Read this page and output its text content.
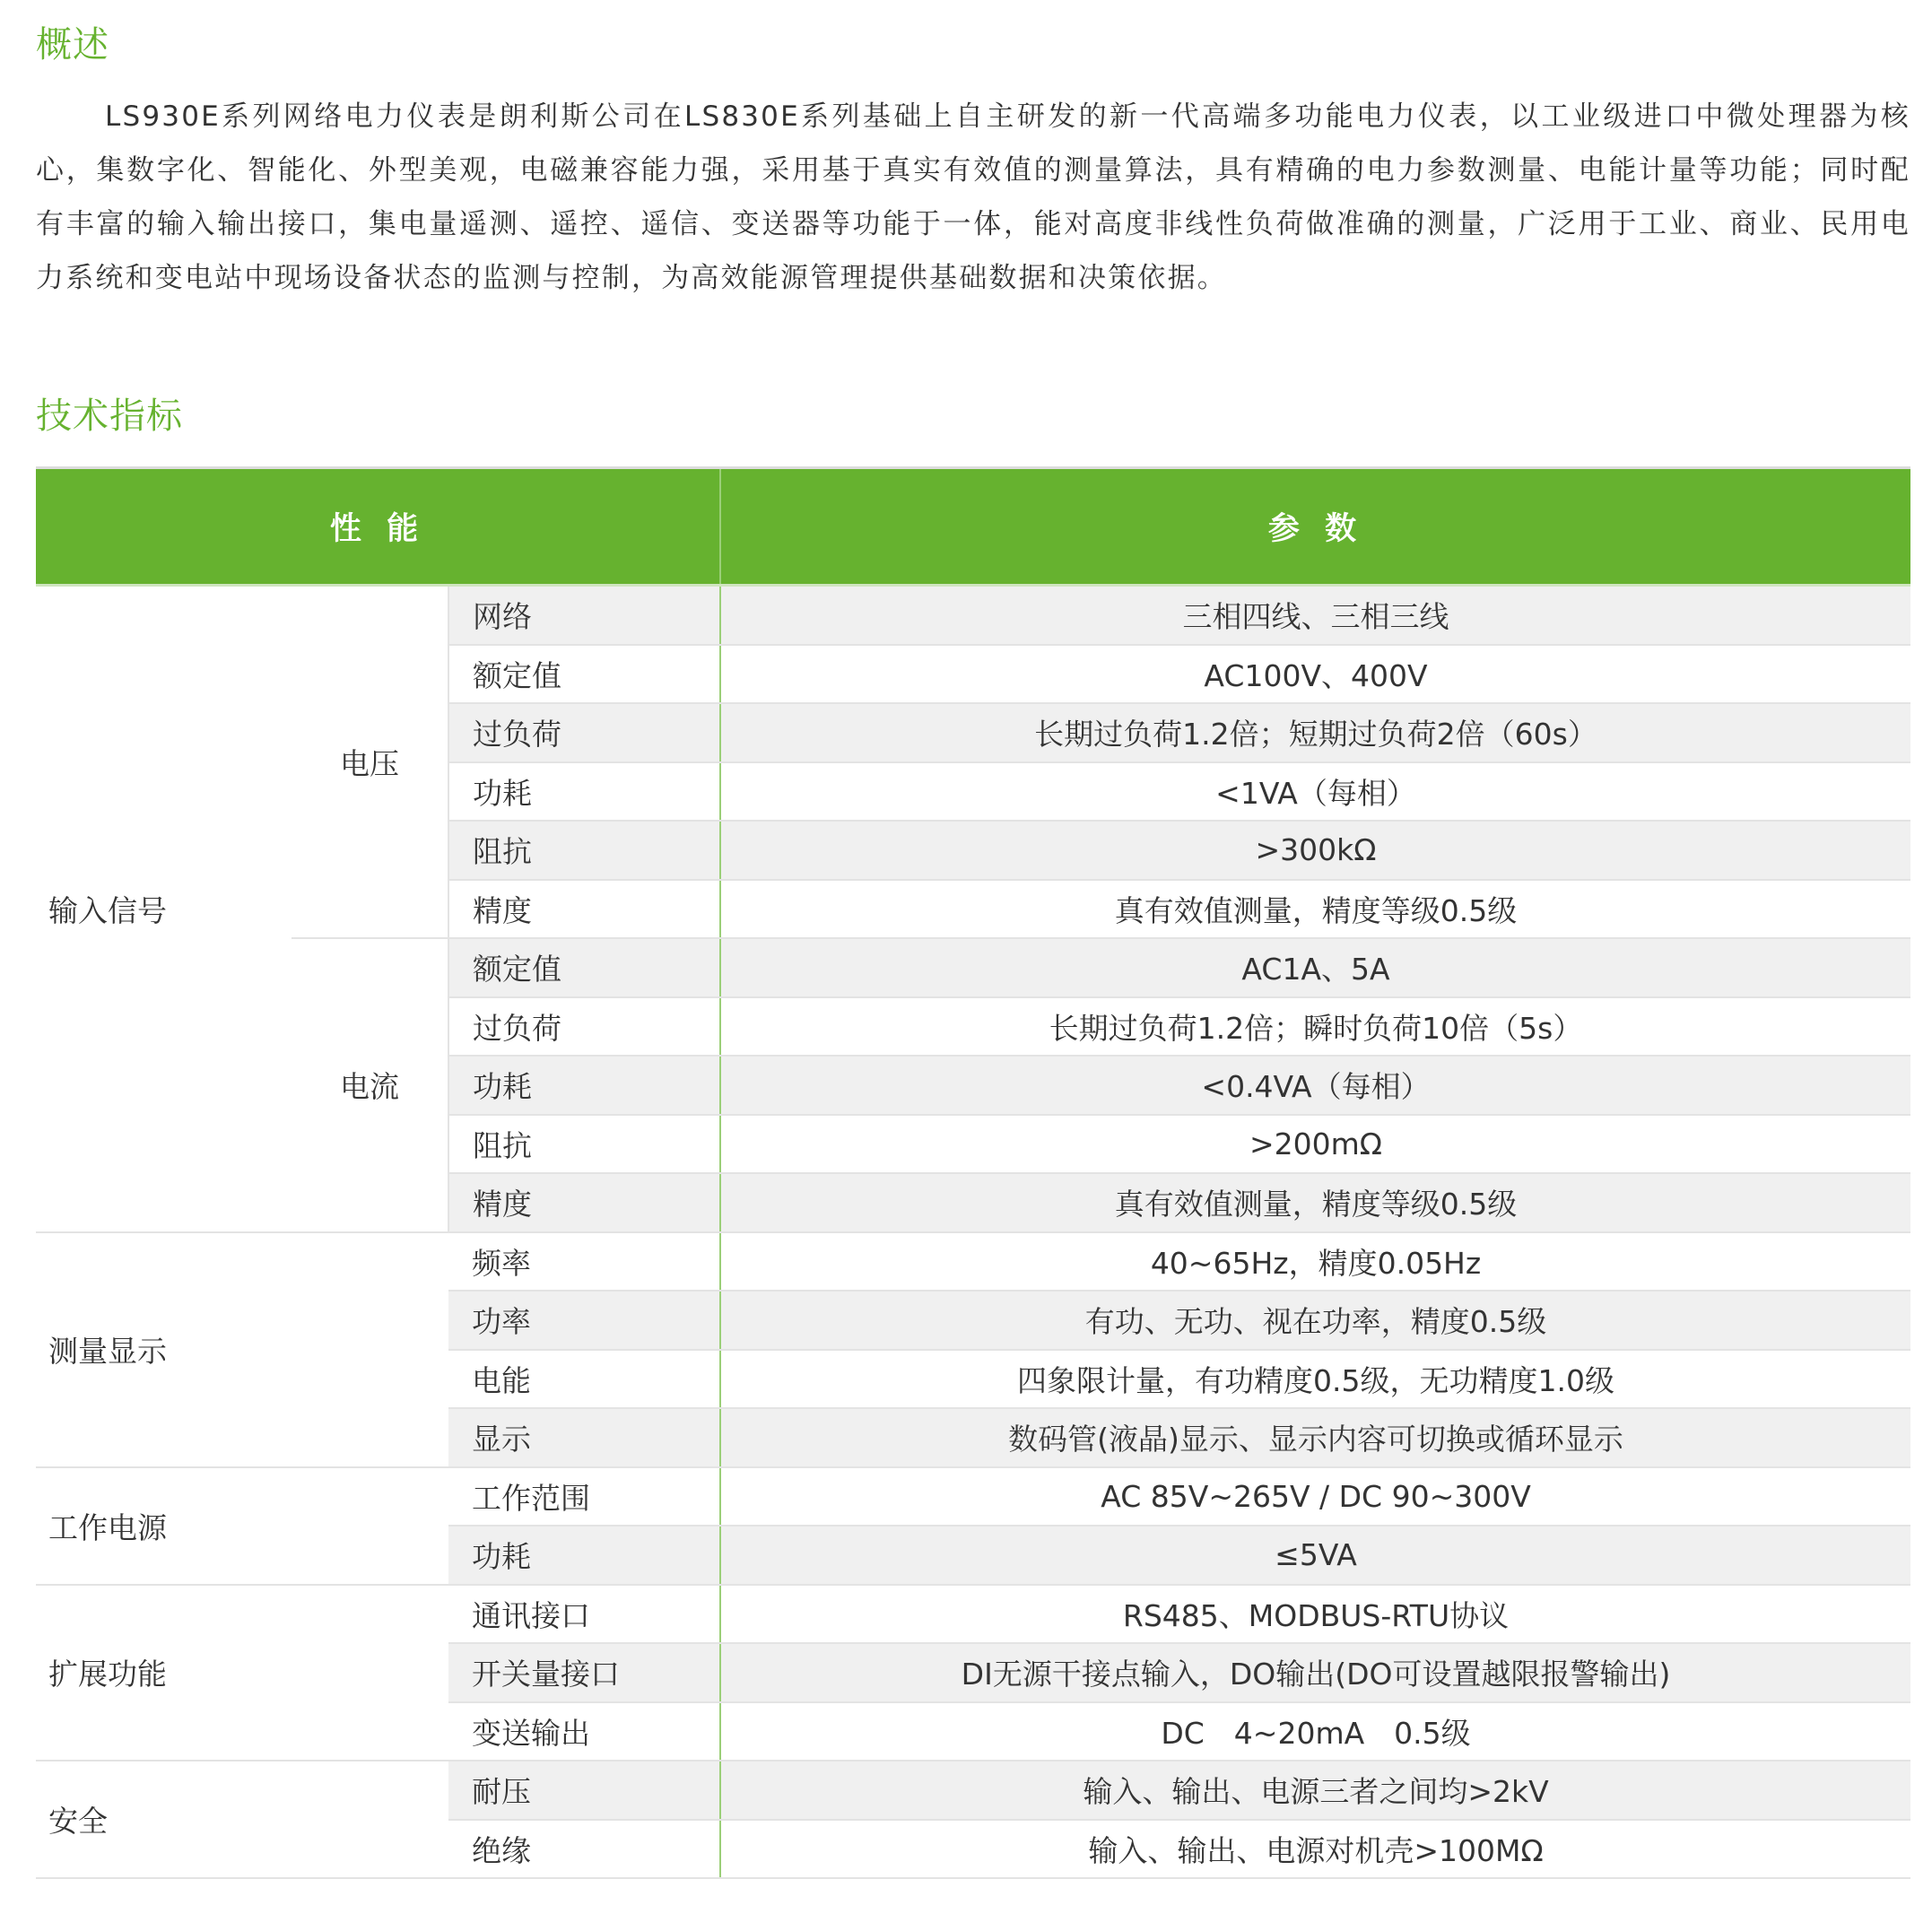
概述

LS930E系列网络电力仪表是朗利斯公司在LS830E系列基础上自主研发的新一代高端多功能电力仪表，以工业级进口中微处理器为核心，集数字化、智能化、外型美观，电磁兼容能力强，采用基于真实有效值的测量算法，具有精确的电力参数测量、电能计量等功能；同时配有丰富的输入输出接口，集电量遥测、遥控、遥信、变送器等功能于一体，能对高度非线性负荷做准确的测量，广泛用于工业、商业、民用电力系统和变电站中现场设备状态的监测与控制，为高效能源管理提供基础数据和决策依据。

技术指标
性 能			参 数
输入信号	电压	网络	三相四线、三相三线
		额定值	AC100V、400V
		过负荷	长期过负荷1.2倍；短期过负荷2倍（60s）
		功耗	<1VA（每相）
		阻抗	>300kΩ
		精度	真有效值测量，精度等级0.5级
	电流	额定值	AC1A、5A
		过负荷	长期过负荷1.2倍；瞬时负荷10倍（5s）
		功耗	<0.4VA（每相）
		阻抗	>200mΩ
		精度	真有效值测量，精度等级0.5级
测量显示		频率	40~65Hz，精度0.05Hz
		功率	有功、无功、视在功率，精度0.5级
		电能	四象限计量，有功精度0.5级，无功精度1.0级
		显示	数码管(液晶)显示、显示内容可切换或循环显示
工作电源		工作范围	AC 85V~265V / DC 90~300V
		功耗	≤5VA
扩展功能		通讯接口	RS485、MODBUS-RTU协议
		开关量接口	DI无源干接点输入，DO输出(DO可设置越限报警输出)
		变送输出	DC　4~20mA　0.5级
安全		耐压	输入、输出、电源三者之间均>2kV
		绝缘	输入、输出、电源对机壳>100MΩ
